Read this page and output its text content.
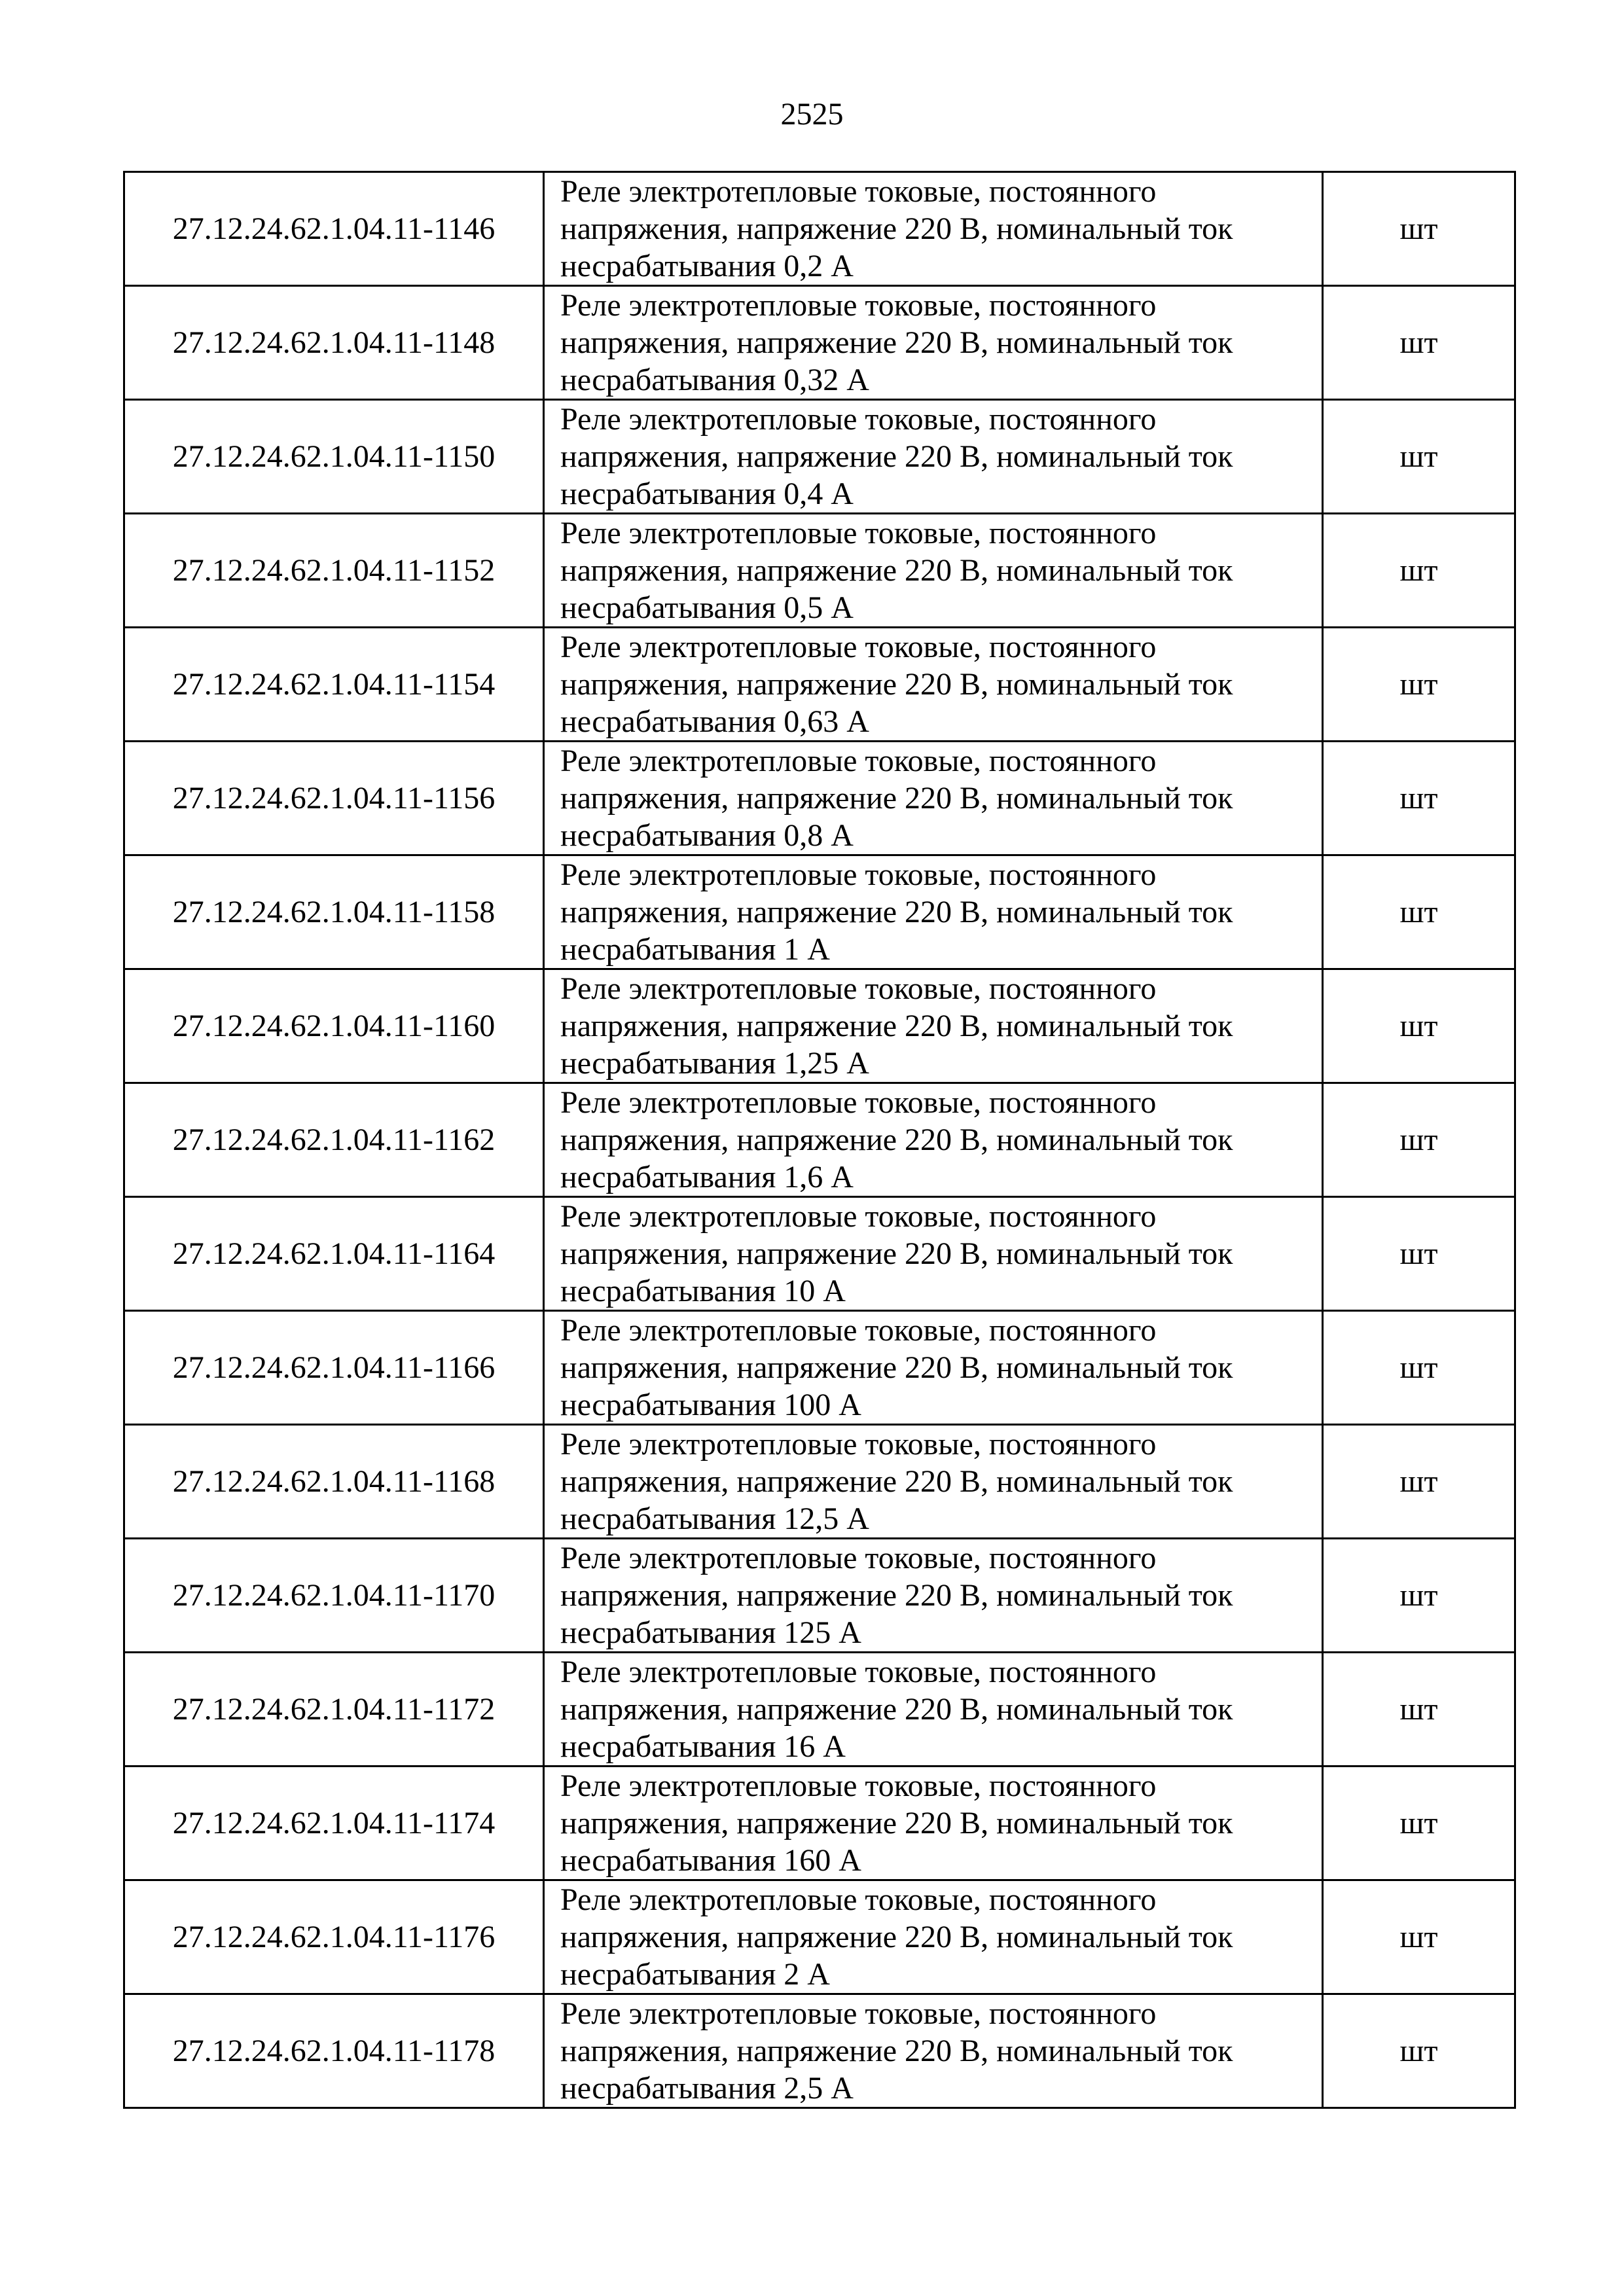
2525
27.12.24.62.1.04.11-1146	Реле электротепловые токовые, постоянного
напряжения, напряжение 220 В, номинальный ток
несрабатывания 0,2 А	шт
27.12.24.62.1.04.11-1148	Реле электротепловые токовые, постоянного
напряжения, напряжение 220 В, номинальный ток
несрабатывания 0,32 А	шт
27.12.24.62.1.04.11-1150	Реле электротепловые токовые, постоянного
напряжения, напряжение 220 В, номинальный ток
несрабатывания 0,4 А	шт
27.12.24.62.1.04.11-1152	Реле электротепловые токовые, постоянного
напряжения, напряжение 220 В, номинальный ток
несрабатывания 0,5 А	шт
27.12.24.62.1.04.11-1154	Реле электротепловые токовые, постоянного
напряжения, напряжение 220 В, номинальный ток
несрабатывания 0,63 А	шт
27.12.24.62.1.04.11-1156	Реле электротепловые токовые, постоянного
напряжения, напряжение 220 В, номинальный ток
несрабатывания 0,8 А	шт
27.12.24.62.1.04.11-1158	Реле электротепловые токовые, постоянного
напряжения, напряжение 220 В, номинальный ток
несрабатывания 1 А	шт
27.12.24.62.1.04.11-1160	Реле электротепловые токовые, постоянного
напряжения, напряжение 220 В, номинальный ток
несрабатывания 1,25 А	шт
27.12.24.62.1.04.11-1162	Реле электротепловые токовые, постоянного
напряжения, напряжение 220 В, номинальный ток
несрабатывания 1,6 А	шт
27.12.24.62.1.04.11-1164	Реле электротепловые токовые, постоянного
напряжения, напряжение 220 В, номинальный ток
несрабатывания 10 А	шт
27.12.24.62.1.04.11-1166	Реле электротепловые токовые, постоянного
напряжения, напряжение 220 В, номинальный ток
несрабатывания 100 А	шт
27.12.24.62.1.04.11-1168	Реле электротепловые токовые, постоянного
напряжения, напряжение 220 В, номинальный ток
несрабатывания 12,5 А	шт
27.12.24.62.1.04.11-1170	Реле электротепловые токовые, постоянного
напряжения, напряжение 220 В, номинальный ток
несрабатывания 125 А	шт
27.12.24.62.1.04.11-1172	Реле электротепловые токовые, постоянного
напряжения, напряжение 220 В, номинальный ток
несрабатывания 16 А	шт
27.12.24.62.1.04.11-1174	Реле электротепловые токовые, постоянного
напряжения, напряжение 220 В, номинальный ток
несрабатывания 160 А	шт
27.12.24.62.1.04.11-1176	Реле электротепловые токовые, постоянного
напряжения, напряжение 220 В, номинальный ток
несрабатывания 2 А	шт
27.12.24.62.1.04.11-1178	Реле электротепловые токовые, постоянного
напряжения, напряжение 220 В, номинальный ток
несрабатывания 2,5 А	шт
